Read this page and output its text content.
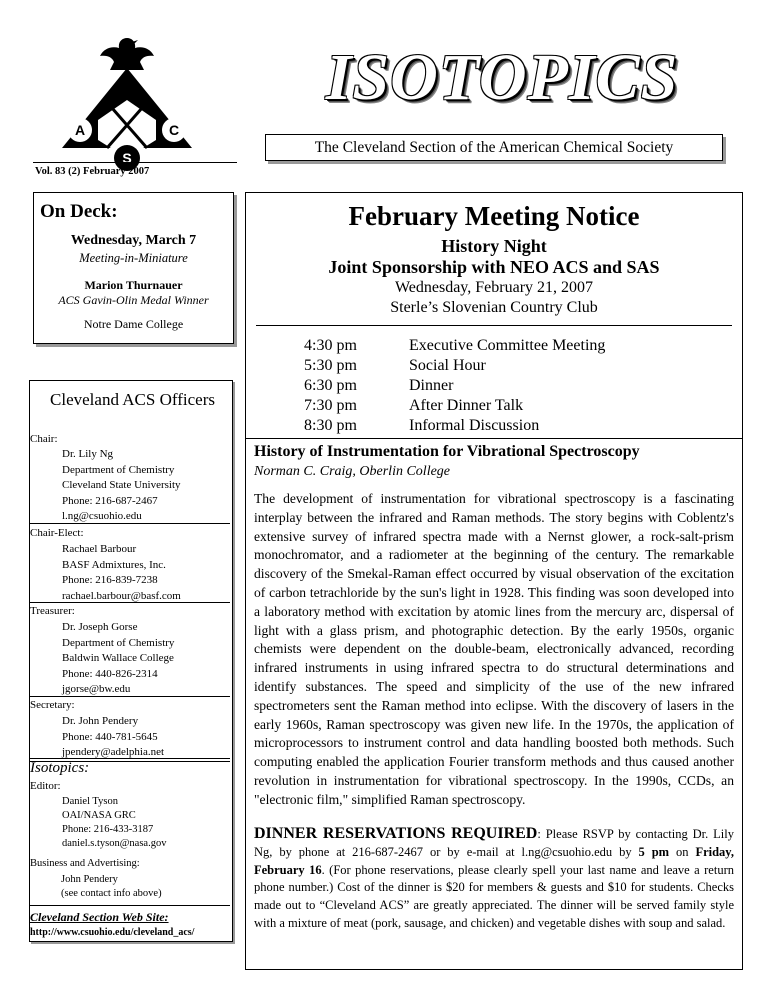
A	C
S
ISOTOPICS
The Cleveland Section of the American Chemical Society
Vol. 83 (2) February 2007
On Deck:
Wednesday, March 7
Meeting-in-Miniature
Marion Thurnauer
ACS Gavin-Olin Medal Winner
Notre Dame College
Cleveland ACS Officers
Chair:
Dr. Lily Ng
Department of Chemistry
Cleveland State University
Phone: 216-687-2467
l.ng@csuohio.edu
Chair-Elect:
Rachael Barbour
BASF Admixtures, Inc.
Phone: 216-839-7238
rachael.barbour@basf.com
Treasurer:
Dr. Joseph Gorse
Department of Chemistry
Baldwin Wallace College
Phone: 440-826-2314
jgorse@bw.edu
Secretary:
Dr. John Pendery
Phone: 440-781-5645
jpendery@adelphia.net
Isotopics:
Editor:
Daniel Tyson
OAI/NASA GRC
Phone: 216-433-3187
daniel.s.tyson@nasa.gov
Business and Advertising:
John Pendery
(see contact info above)
Cleveland Section Web Site:
http://www.csuohio.edu/cleveland_acs/
February Meeting Notice
History Night
Joint Sponsorship with NEO ACS and SAS
Wednesday, February 21, 2007
Sterle’s Slovenian Country Club
4:30 pm	Executive Committee Meeting
5:30 pm	Social Hour
6:30 pm	Dinner
7:30 pm	After Dinner Talk
8:30 pm	Informal Discussion
History of Instrumentation for Vibrational Spectroscopy
Norman C. Craig, Oberlin College
The development of instrumentation for vibrational spectroscopy is a fascinating interplay between the infrared and Raman methods. The story begins with Coblentz's extensive survey of infrared spectra made with a Nernst glower, a rock-salt-prism monochromator, and a radiometer at the beginning of the century. The remarkable discovery of the Smekal-Raman effect occurred by visual observation of the excitation of carbon tetrachloride by the sun's light in 1928. This finding was soon developed into a laboratory method with excitation by atomic lines from the mercury arc, dispersal of light with a glass prism, and photographic detection. By the early 1950s, organic chemists were dependent on the double-beam, electronically advanced, recording infrared instruments in using infrared spectra to do structural determinations and identify substances. The speed and simplicity of the use of the new infrared spectrometers sent the Raman method into eclipse. With the discovery of lasers in the early 1960s, Raman spectroscopy was given new life. In the 1970s, the application of microprocessors to instrument control and data handling boosted both methods. Such computing enabled the application Fourier transform methods and thus caused another revolution in instrumentation for vibrational spectroscopy. In the 1990s, CCDs, an "electronic film," simplified Raman spectroscopy.
DINNER RESERVATIONS REQUIRED: Please RSVP by contacting Dr. Lily Ng, by phone at 216-687-2467 or by e-mail at l.ng@csuohio.edu by 5 pm on Friday, February 16. (For phone reservations, please clearly spell your last name and leave a return phone number.) Cost of the dinner is $20 for members & guests and $10 for students. Checks made out to “Cleveland ACS” are greatly appreciated. The dinner will be served family style with a mixture of meat (pork, sausage, and chicken) and vegetable dishes with soup and salad.
